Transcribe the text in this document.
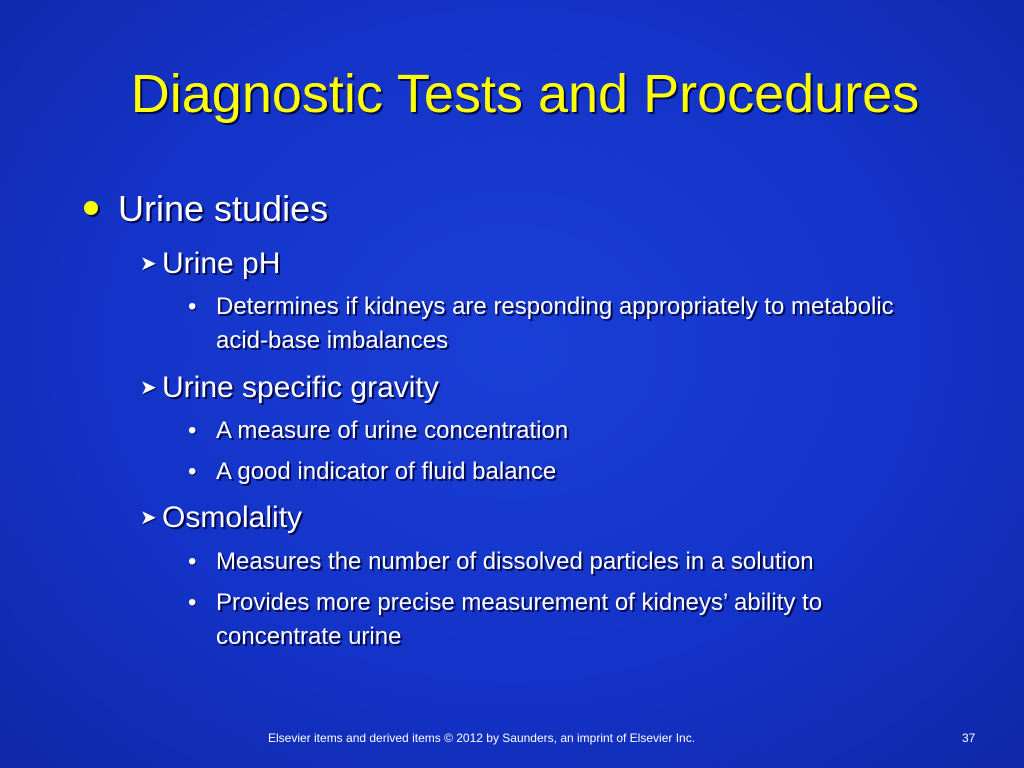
Diagnostic Tests and Procedures
Urine studies
➤ Urine pH
• Determines if kidneys are responding appropriately to metabolic acid-base imbalances
➤ Urine specific gravity
• A measure of urine concentration
• A good indicator of fluid balance
➤ Osmolality
• Measures the number of dissolved particles in a solution
• Provides more precise measurement of kidneys’ ability to concentrate urine
Elsevier items and derived items © 2012 by Saunders, an imprint of Elsevier Inc.	37
